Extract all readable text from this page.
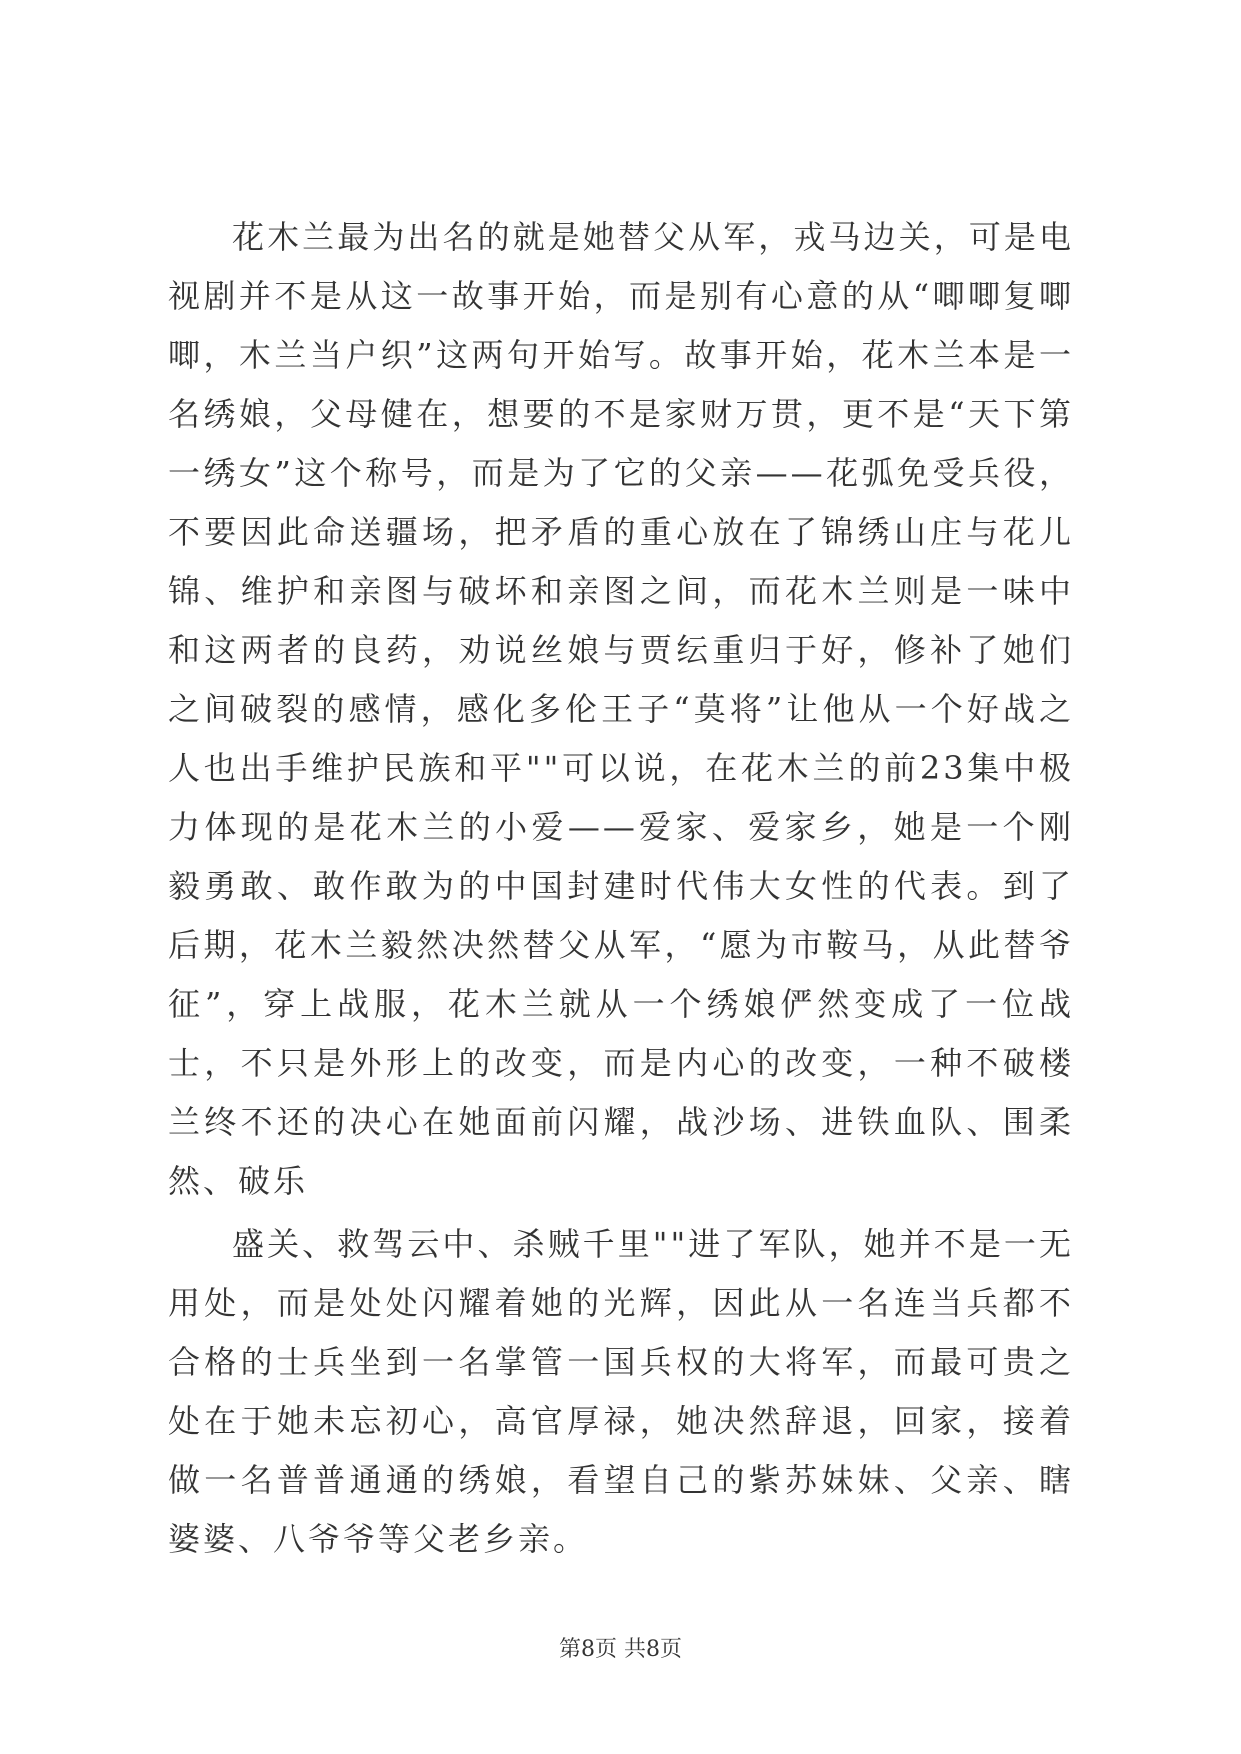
花木兰最为出名的就是她替父从军，戎马边关，可是电视剧并不是从这一故事开始，而是别有心意的从“唧唧复唧唧，木兰当户织”这两句开始写。故事开始，花木兰本是一名绣娘，父母健在，想要的不是家财万贯，更不是“天下第一绣女”这个称号，而是为了它的父亲——花弧免受兵役，不要因此命送疆场，把矛盾的重心放在了锦绣山庄与花儿锦、维护和亲图与破坏和亲图之间，而花木兰则是一味中和这两者的良药，劝说丝娘与贾纭重归于好，修补了她们之间破裂的感情，感化多伦王子“莫将”让他从一个好战之人也出手维护民族和平""可以说，在花木兰的前23集中极力体现的是花木兰的小爱——爱家、爱家乡，她是一个刚毅勇敢、敢作敢为的中国封建时代伟大女性的代表。到了后期，花木兰毅然决然替父从军，“愿为市鞍马，从此替爷征”，穿上战服，花木兰就从一个绣娘俨然变成了一位战士，不只是外形上的改变，而是内心的改变，一种不破楼兰终不还的决心在她面前闪耀，战沙场、进铁血队、围柔然、破乐

盛关、救驾云中、杀贼千里""进了军队，她并不是一无用处，而是处处闪耀着她的光辉，因此从一名连当兵都不合格的士兵坐到一名掌管一国兵权的大将军，而最可贵之处在于她未忘初心，高官厚禄，她决然辞退，回家，接着做一名普普通通的绣娘，看望自己的紫苏妹妹、父亲、瞎婆婆、八爷爷等父老乡亲。

第8页 共8页
